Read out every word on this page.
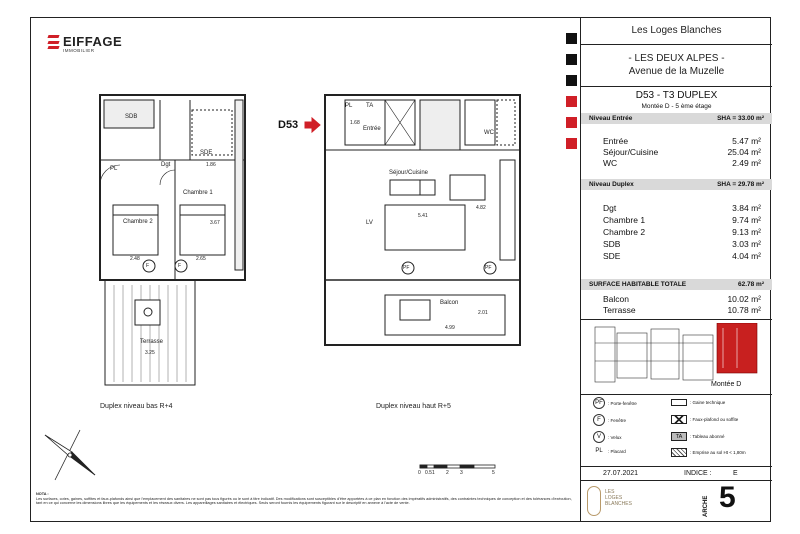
EIFFAGE
IMMOBILIER
SDB
Dgt
SDE
PL
Chambre 1
Chambre 2
Terrasse
2.48	2.65
3.25
3.67
1.86
F	F
Duplex niveau bas R+4
D53	Entrée
WC
Séjour/Cuisine
Balcon
PL TA
LV
5.41
4.82
4.99
2.01
1.68
PF	PF
Duplex niveau haut R+5
0 0.5 1 2 3	5
NOTA :
Les surfaces, cotes, gaines, soffites et faux-plafonds ainsi que l'emplacement des sanitaires ne sont pas tous figurés ou le sont à titre indicatif. Des modifications sont susceptibles d'être apportées à ce plan en fonction des impératifs administratifs, des contraintes techniques de conception et des tolérances d'exécution, tant en ce qui concerne les dimensions libres que les équipements et les réseaux divers. Les appareillages sanitaires et électriques. Seuls seront fournis les équipements figurant sur le descriptif en annexe à l'acte de vente.
Les Loges Blanches
- LES DEUX ALPES -
Avenue de la Muzelle
D53 - T3 DUPLEX
Montée D - 5 ème étage
Niveau Entrée	SHA = 33.00 m²
Entrée	5.47 m²
Séjour/Cuisine	25.04 m²
WC	2.49 m²
Niveau Duplex	SHA = 29.78 m²
Dgt	3.84 m²
Chambre 1	9.74 m²
Chambre 2	9.13 m²
SDB	3.03 m²
SDE	4.04 m²
SURFACE HABITABLE TOTALE	62.78 m²
Balcon	10.02 m²
Terrasse	10.78 m²
Montée D
PF	: Porte-fenêtre
F	: Fenêtre
V	: Velux
PL	: Placard
: Gaine technique
: Faux-plafond ou soffite
TA	: Tableau abonné
: Emprise au sol Ht < 1,80m
27.07.2021	INDICE :	E
LES
LOGES
BLANCHES	ARCHE 5
